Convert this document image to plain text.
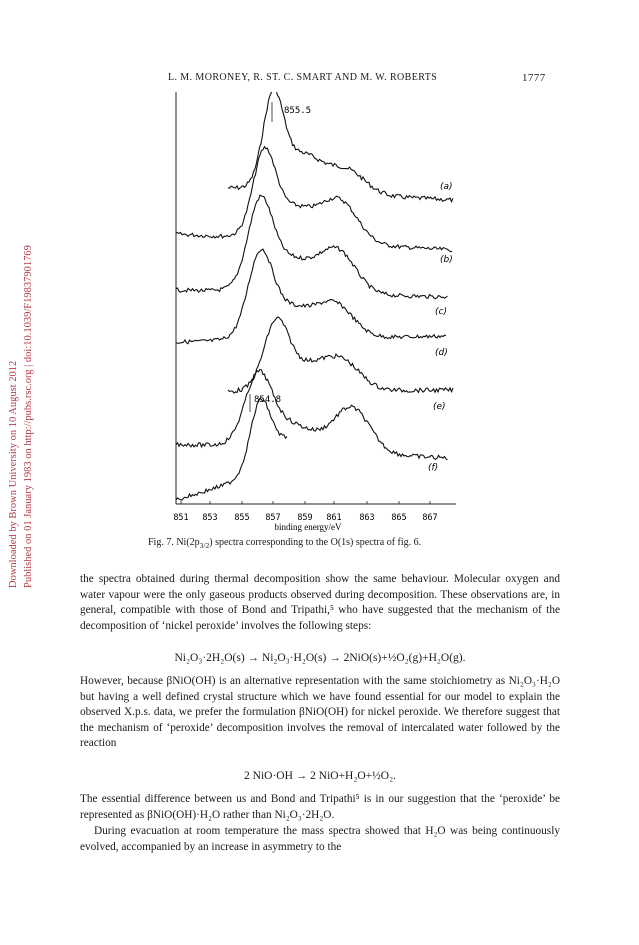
Downloaded by Brown University on 10 August 2012 Published on 01 January 1983 on http://pubs.rsc.org | doi:10.1039/F19837901769
L. M. MORONEY, R. ST. C. SMART AND M. W. ROBERTS	1777
855.5
854.8
(a)
(b)
(c)
(d)
(e)
(f)
851 853 855 857 859 861 863 865 867
binding energy/eV
Fig. 7. $Ni(2p_{3/2})$ spectra corresponding to the O(1s) spectra of fig. 6.

the spectra obtained during thermal decomposition show the same behaviour. Molecular oxygen and water vapour were the only gaseous products observed during decomposition. These observations are, in general, compatible with those of Bond and Tripathi,⁵ who have suggested that the mechanism of the decomposition of ‘nickel peroxide’ involves the following steps:

Ni₂O₃·2H₂O(s) → Ni₂O₃·H₂O(s) → 2NiO(s)+½O₂(g)+H₂O(g).

However, because βNiO(OH) is an alternative representation with the same stoichiometry as Ni₂O₃·H₂O but having a well defined crystal structure which we have found essential for our model to explain the observed X.p.s. data, we prefer the formulation βNiO(OH) for nickel peroxide. We therefore suggest that the mechanism of ‘peroxide’ decomposition involves the removal of intercalated water followed by the reaction

2 NiO·OH → 2 NiO+H₂O+½O₂.

The essential difference between us and Bond and Tripathi⁵ is in our suggestion that the ‘peroxide’ be represented as βNiO(OH)·H₂O rather than Ni₂O₃·2H₂O.

During evacuation at room temperature the mass spectra showed that H₂O was being continuously evolved, accompanied by an increase in asymmetry to the
